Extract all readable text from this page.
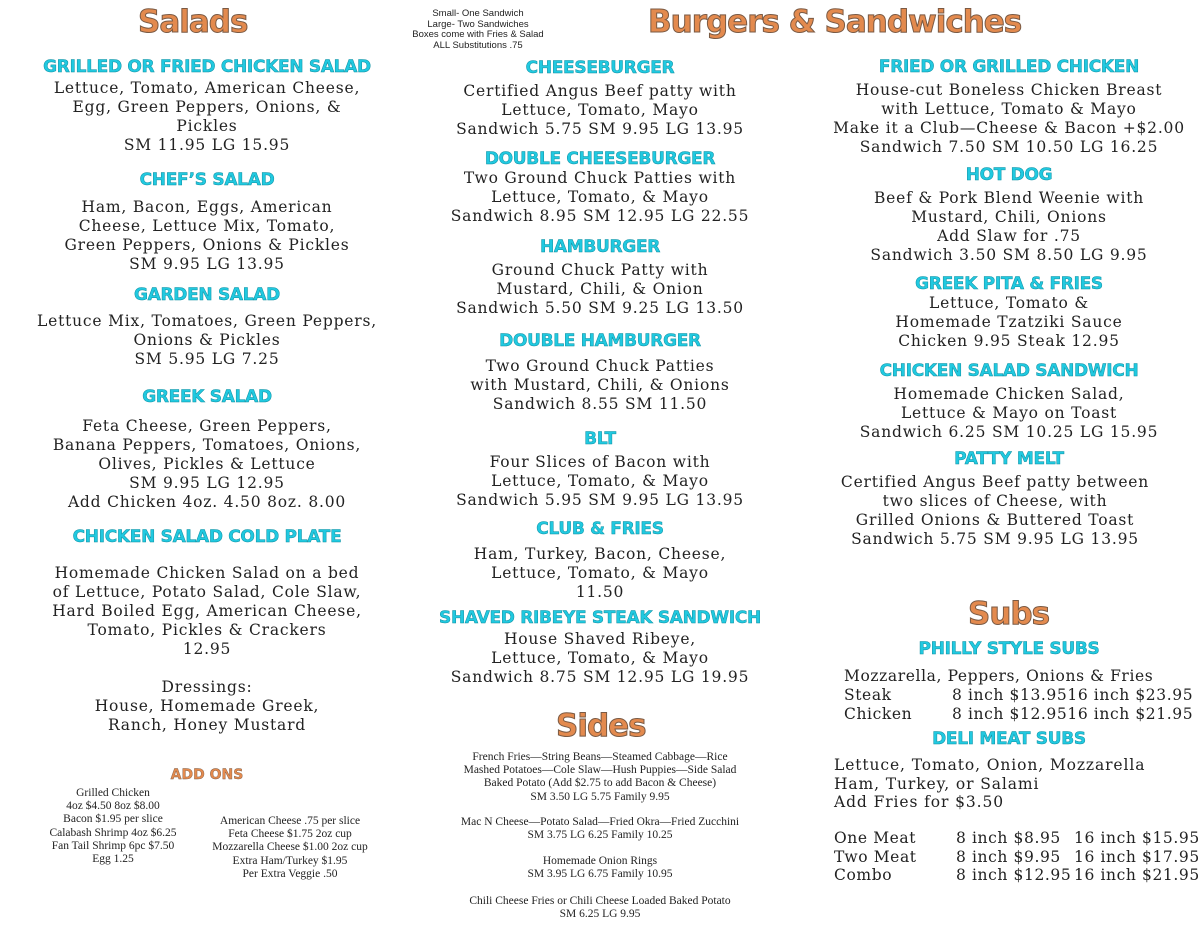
Salads	Burgers & Sandwiches
Sides
Subs
Small- One Sandwich
Large- Two Sandwiches
Boxes come with Fries & Salad
ALL Substitutions .75
GRILLED OR FRIED CHICKEN SALAD
Lettuce, Tomato, American Cheese,
Egg, Green Peppers, Onions, &
Pickles
SM 11.95 LG 15.95
CHEF’S SALAD
Ham, Bacon, Eggs, American
Cheese, Lettuce Mix, Tomato,
Green Peppers, Onions & Pickles
SM 9.95 LG 13.95
GARDEN SALAD
Lettuce Mix, Tomatoes, Green Peppers,
Onions & Pickles
SM 5.95 LG 7.25
GREEK SALAD
Feta Cheese, Green Peppers,
Banana Peppers, Tomatoes, Onions,
Olives, Pickles & Lettuce
SM 9.95 LG 12.95
Add Chicken 4oz. 4.50 8oz. 8.00
CHICKEN SALAD COLD PLATE
Homemade Chicken Salad on a bed
of Lettuce, Potato Salad, Cole Slaw,
Hard Boiled Egg, American Cheese,
Tomato, Pickles & Crackers
12.95
Dressings:
House, Homemade Greek,
Ranch, Honey Mustard
ADD ONS
Grilled Chicken
4oz $4.50 8oz $8.00
Bacon $1.95 per slice
Calabash Shrimp 4oz $6.25
Fan Tail Shrimp 6pc $7.50
Egg 1.25
American Cheese .75 per slice
Feta Cheese $1.75 2oz cup
Mozzarella Cheese $1.00 2oz cup
Extra Ham/Turkey $1.95
Per Extra Veggie .50
CHEESEBURGER
Certified Angus Beef patty with
Lettuce, Tomato, Mayo
Sandwich 5.75 SM 9.95 LG 13.95
DOUBLE CHEESEBURGER
Two Ground Chuck Patties with
Lettuce, Tomato, & Mayo
Sandwich 8.95 SM 12.95 LG 22.55
HAMBURGER
Ground Chuck Patty with
Mustard, Chili, & Onion
Sandwich 5.50 SM 9.25 LG 13.50
DOUBLE HAMBURGER
Two Ground Chuck Patties
with Mustard, Chili, & Onions
Sandwich 8.55 SM 11.50
BLT
Four Slices of Bacon with
Lettuce, Tomato, & Mayo
Sandwich 5.95 SM 9.95 LG 13.95
CLUB & FRIES
Ham, Turkey, Bacon, Cheese,
Lettuce, Tomato, & Mayo
11.50
SHAVED RIBEYE STEAK SANDWICH
House Shaved Ribeye,
Lettuce, Tomato, & Mayo
Sandwich 8.75 SM 12.95 LG 19.95
FRIED OR GRILLED CHICKEN
House-cut Boneless Chicken Breast
with Lettuce, Tomato & Mayo
Make it a Club—Cheese & Bacon +$2.00
Sandwich 7.50 SM 10.50 LG 16.25
HOT DOG
Beef & Pork Blend Weenie with
Mustard, Chili, Onions
Add Slaw for .75
Sandwich 3.50 SM 8.50 LG 9.95
GREEK PITA & FRIES
Lettuce, Tomato &
Homemade Tzatziki Sauce
Chicken 9.95 Steak 12.95
CHICKEN SALAD SANDWICH
Homemade Chicken Salad,
Lettuce & Mayo on Toast
Sandwich 6.25 SM 10.25 LG 15.95
PATTY MELT
Certified Angus Beef patty between
two slices of Cheese, with
Grilled Onions & Buttered Toast
Sandwich 5.75 SM 9.95 LG 13.95
French Fries—String Beans—Steamed Cabbage—Rice
Mashed Potatoes—Cole Slaw—Hush Puppies—Side Salad
Baked Potato (Add $2.75 to add Bacon & Cheese)
SM 3.50 LG 5.75 Family 9.95
Mac N Cheese—Potato Salad—Fried Okra—Fried Zucchini
SM 3.75 LG 6.25 Family 10.25
Homemade Onion Rings
SM 3.95 LG 6.75 Family 10.95
Chili Cheese Fries or Chili Cheese Loaded Baked Potato
SM 6.25 LG 9.95
PHILLY STYLE SUBS
Mozzarella, Peppers, Onions & Fries
Steak	8 inch $13.95	16 inch $23.95
Chicken	8 inch $12.95	16 inch $21.95
DELI MEAT SUBS
Lettuce, Tomato, Onion, Mozzarella
Ham, Turkey, or Salami
Add Fries for $3.50
One Meat	8 inch $8.95	16 inch $15.95
Two Meat	8 inch $9.95	16 inch $17.95
Combo	8 inch $12.95	16 inch $21.95
